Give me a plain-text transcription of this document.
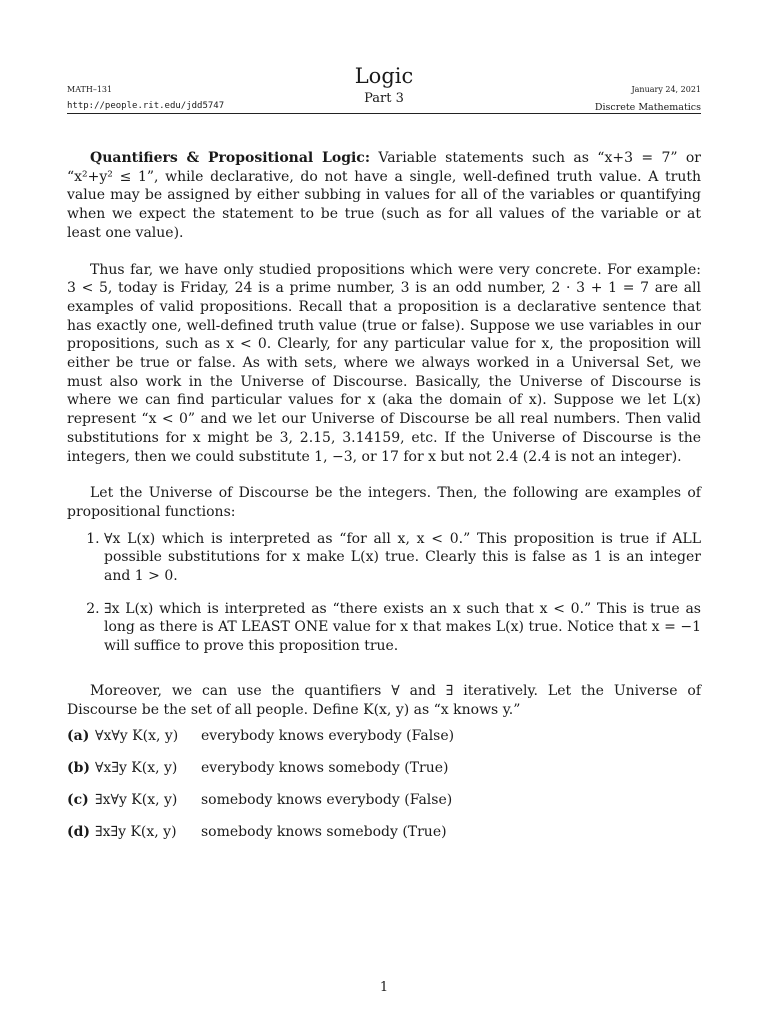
MATH–131
http://people.rit.edu/jdd5747
Logic
Part 3
January 24, 2021
Discrete Mathematics

Quantifiers & Propositional Logic: Variable statements such as “x+3 = 7” or “x²+y² ≤ 1”, while declarative, do not have a single, well-defined truth value. A truth value may be assigned by either subbing in values for all of the variables or quantifying when we expect the statement to be true (such as for all values of the variable or at least one value).

Thus far, we have only studied propositions which were very concrete. For example: 3 < 5, today is Friday, 24 is a prime number, 3 is an odd number, 2 · 3 + 1 = 7 are all examples of valid propositions. Recall that a proposition is a declarative sentence that has exactly one, well-defined truth value (true or false). Suppose we use variables in our propositions, such as x < 0. Clearly, for any particular value for x, the proposition will either be true or false. As with sets, where we always worked in a Universal Set, we must also work in the Universe of Discourse. Basically, the Universe of Discourse is where we can find particular values for x (aka the domain of x). Suppose we let L(x) represent “x < 0” and we let our Universe of Discourse be all real numbers. Then valid substitutions for x might be 3, 2.15, 3.14159, etc. If the Universe of Discourse is the integers, then we could substitute 1, −3, or 17 for x but not 2.4 (2.4 is not an integer).

Let the Universe of Discourse be the integers. Then, the following are examples of propositional functions:

1. ∀x L(x) which is interpreted as “for all x, x < 0.” This proposition is true if ALL possible substitutions for x make L(x) true. Clearly this is false as 1 is an integer and 1 > 0.
2. ∃x L(x) which is interpreted as “there exists an x such that x < 0.” This is true as long as there is AT LEAST ONE value for x that makes L(x) true. Notice that x = −1 will suffice to prove this proposition true.

Moreover, we can use the quantifiers ∀ and ∃ iteratively. Let the Universe of Discourse be the set of all people. Define K(x, y) as “x knows y.”

(a) ∀x∀y K(x, y)	everybody knows everybody (False)
(b) ∀x∃y K(x, y)	everybody knows somebody (True)
(c) ∃x∀y K(x, y)	somebody knows everybody (False)
(d) ∃x∃y K(x, y)	somebody knows somebody (True)
1
